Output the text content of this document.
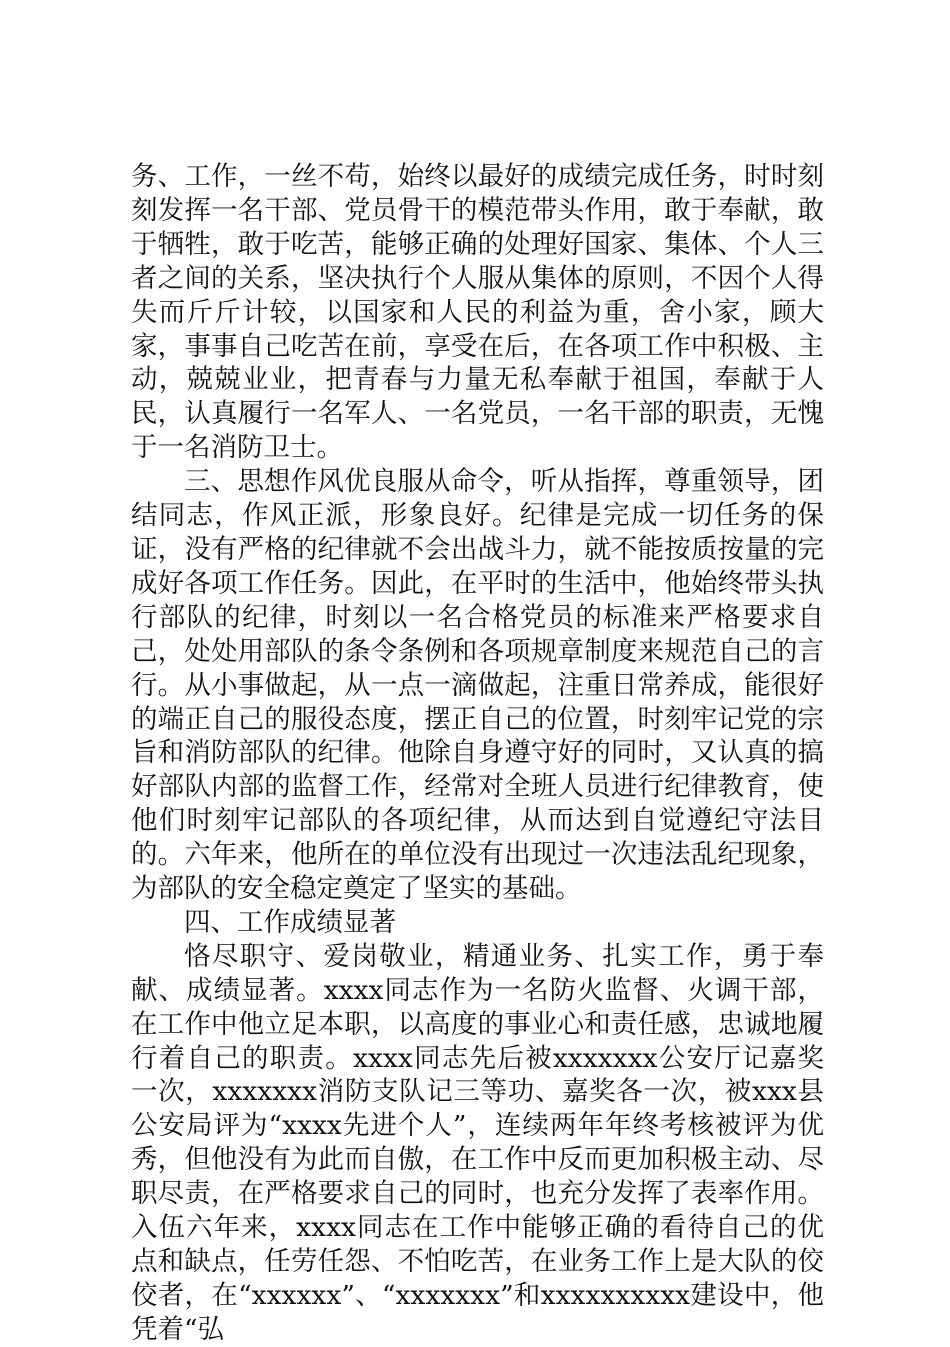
务、工作，一丝不苟，始终以最好的成绩完成任务，时时刻刻发挥一名干部、党员骨干的模范带头作用，敢于奉献，敢于牺牲，敢于吃苦，能够正确的处理好国家、集体、个人三者之间的关系，坚决执行个人服从集体的原则，不因个人得失而斤斤计较，以国家和人民的利益为重，舍小家，顾大家，事事自己吃苦在前，享受在后，在各项工作中积极、主动，兢兢业业，把青春与力量无私奉献于祖国，奉献于人民，认真履行一名军人、一名党员，一名干部的职责，无愧于一名消防卫士。

三、思想作风优良服从命令，听从指挥，尊重领导，团结同志，作风正派，形象良好。纪律是完成一切任务的保证，没有严格的纪律就不会出战斗力，就不能按质按量的完成好各项工作任务。因此，在平时的生活中，他始终带头执行部队的纪律，时刻以一名合格党员的标准来严格要求自己，处处用部队的条令条例和各项规章制度来规范自己的言行。从小事做起，从一点一滴做起，注重日常养成，能很好的端正自己的服役态度，摆正自己的位置，时刻牢记党的宗旨和消防部队的纪律。他除自身遵守好的同时，又认真的搞好部队内部的监督工作，经常对全班人员进行纪律教育，使他们时刻牢记部队的各项纪律，从而达到自觉遵纪守法目的。六年来，他所在的单位没有出现过一次违法乱纪现象，为部队的安全稳定奠定了坚实的基础。

四、工作成绩显著

恪尽职守、爱岗敬业，精通业务、扎实工作，勇于奉献、成绩显著。xxxx同志作为一名防火监督、火调干部，在工作中他立足本职，以高度的事业心和责任感，忠诚地履行着自己的职责。xxxx同志先后被xxxxxxx公安厅记嘉奖一次，xxxxxxx消防支队记三等功、嘉奖各一次，被xxx县公安局评为“xxxx先进个人”，连续两年年终考核被评为优秀，但他没有为此而自傲，在工作中反而更加积极主动、尽职尽责，在严格要求自己的同时，也充分发挥了表率作用。入伍六年来，xxxx同志在工作中能够正确的看待自己的优点和缺点，任劳任怨、不怕吃苦，在业务工作上是大队的佼佼者，在“xxxxxx”、“xxxxxxx”和xxxxxxxxxx建设中，他凭着“弘
